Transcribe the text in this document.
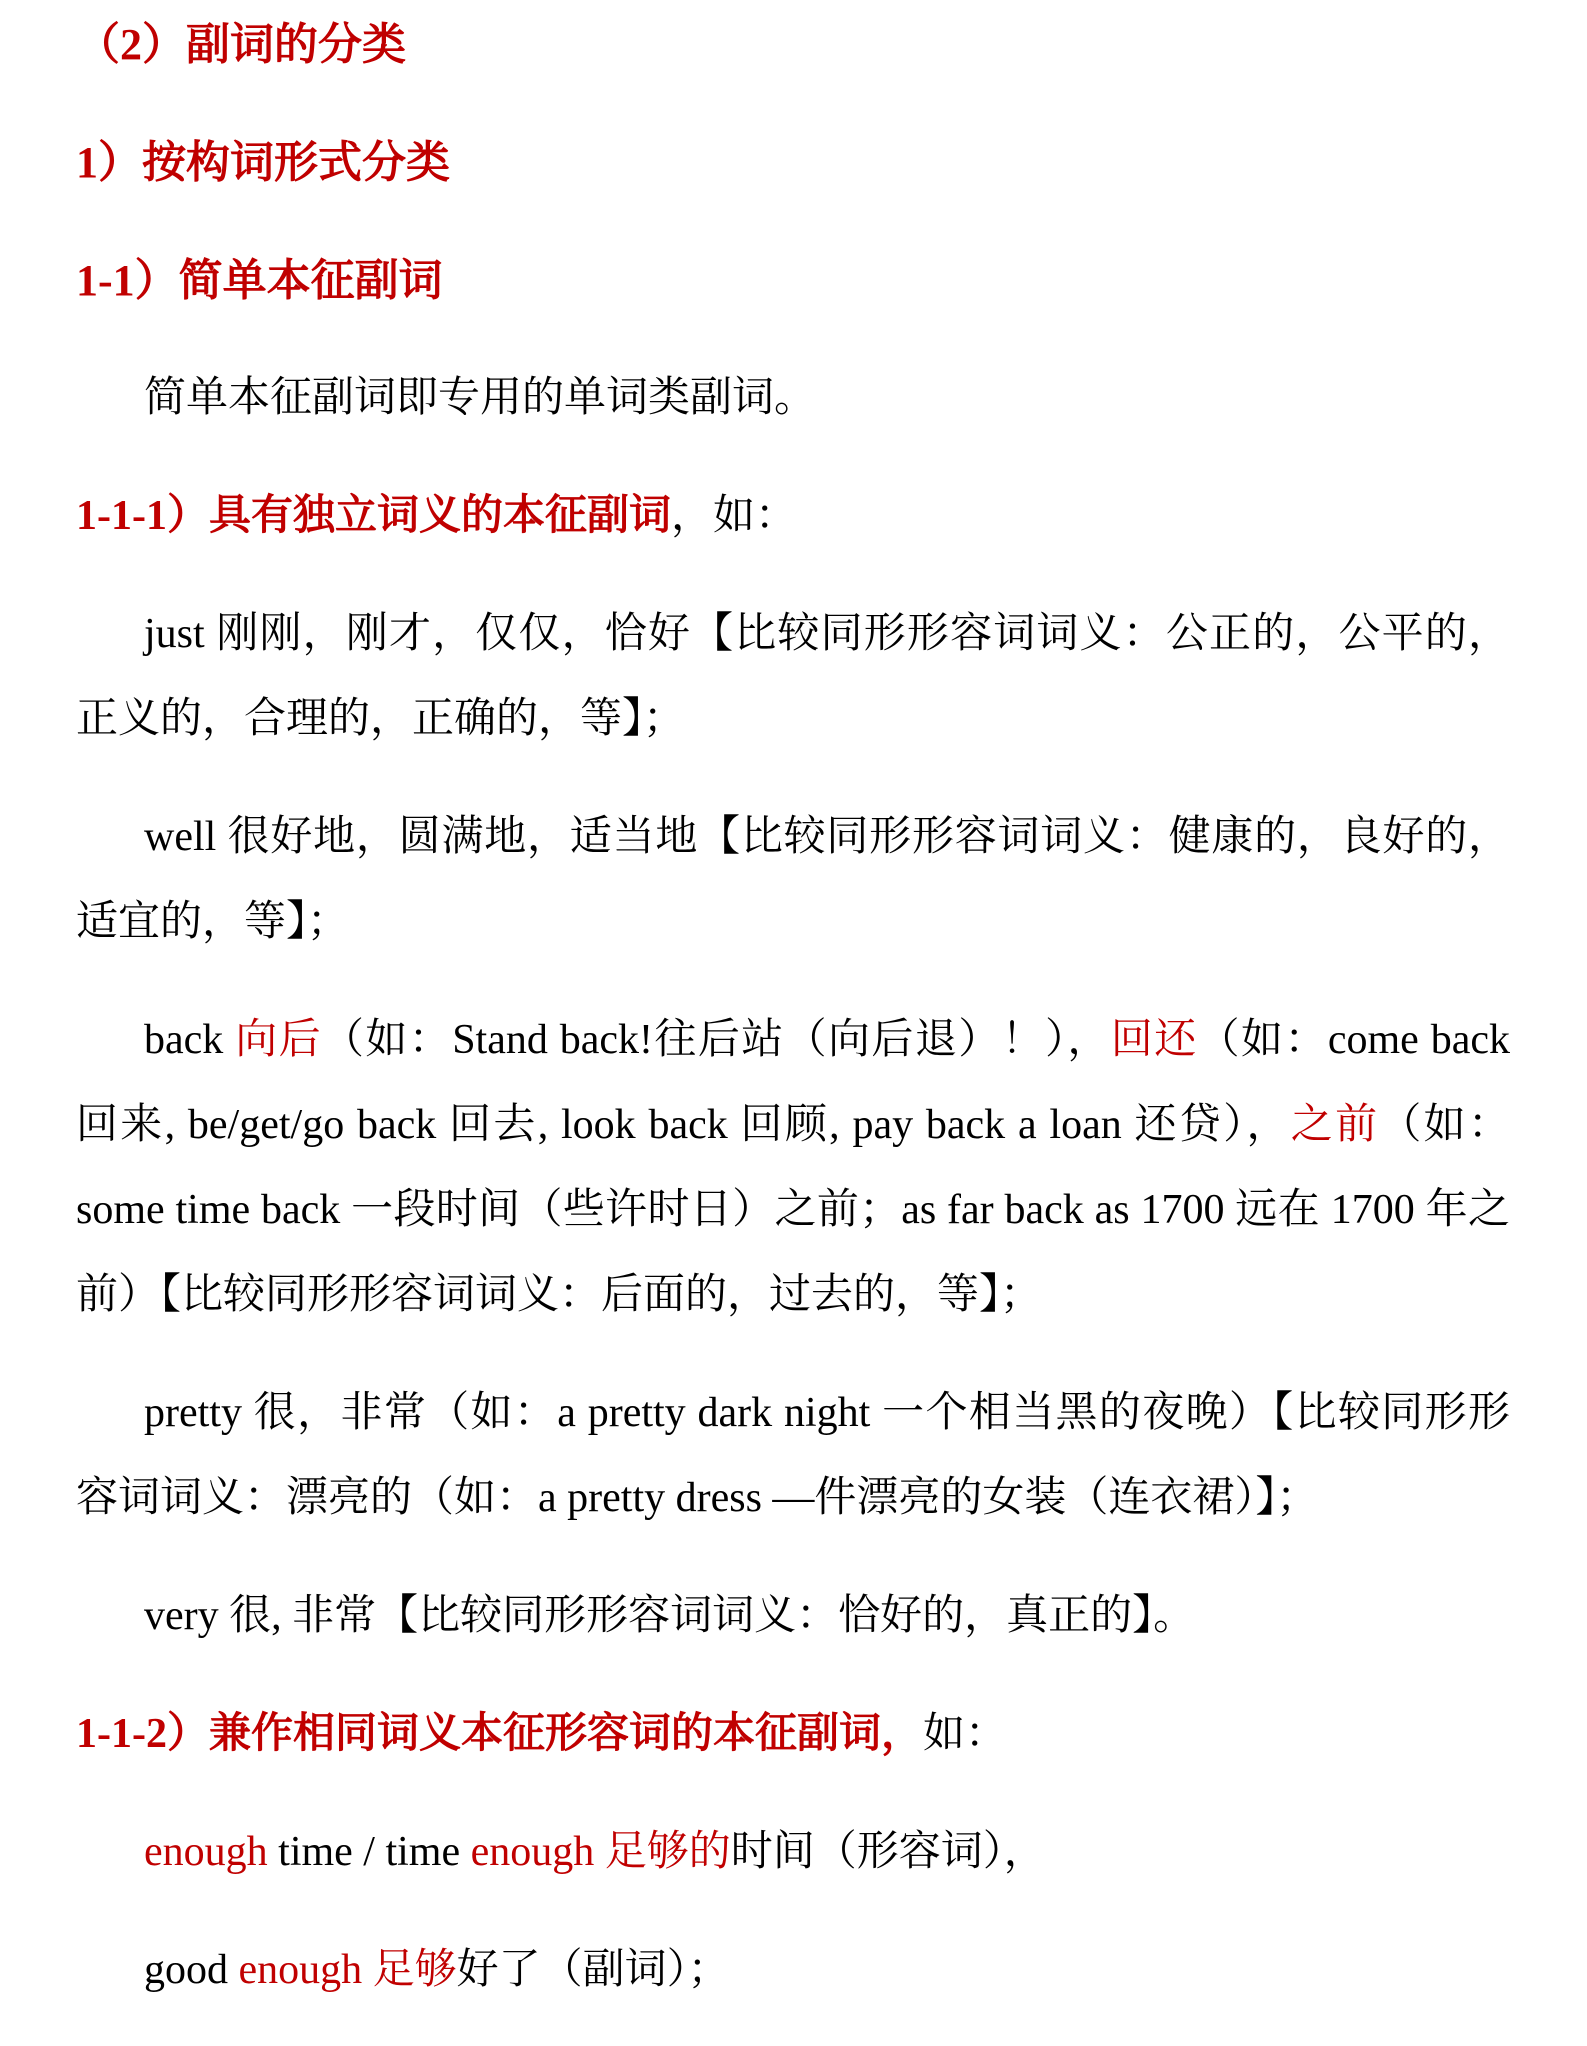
（2）副词的分类
1）按构词形式分类
1-1）简单本征副词
简单本征副词即专用的单词类副词。
1-1-1）具有独立词义的本征副词，如：
just 刚刚，刚才，仅仅，恰好【比较同形形容词词义：公正的，公平的，正义的，合理的，正确的，等】；
well 很好地，圆满地，适当地【比较同形形容词词义：健康的，良好的，适宜的，等】；
back 向后（如：Stand back!往后站（向后退）！），回还（如：come back 回来, be/get/go back 回去, look back 回顾, pay back a loan 还贷），之前（如：some time back 一段时间（些许时日）之前；as far back as 1700 远在 1700 年之前）【比较同形形容词词义：后面的，过去的，等】；
pretty 很，非常（如：a pretty dark night 一个相当黑的夜晚）【比较同形形容词词义：漂亮的（如：a pretty dress —件漂亮的女装（连衣裙）】；
very 很, 非常【比较同形形容词词义：恰好的，真正的】。
1-1-2）兼作相同词义本征形容词的本征副词，如：
enough time / time enough 足够的时间（形容词），
good enough 足够好了（副词）；
